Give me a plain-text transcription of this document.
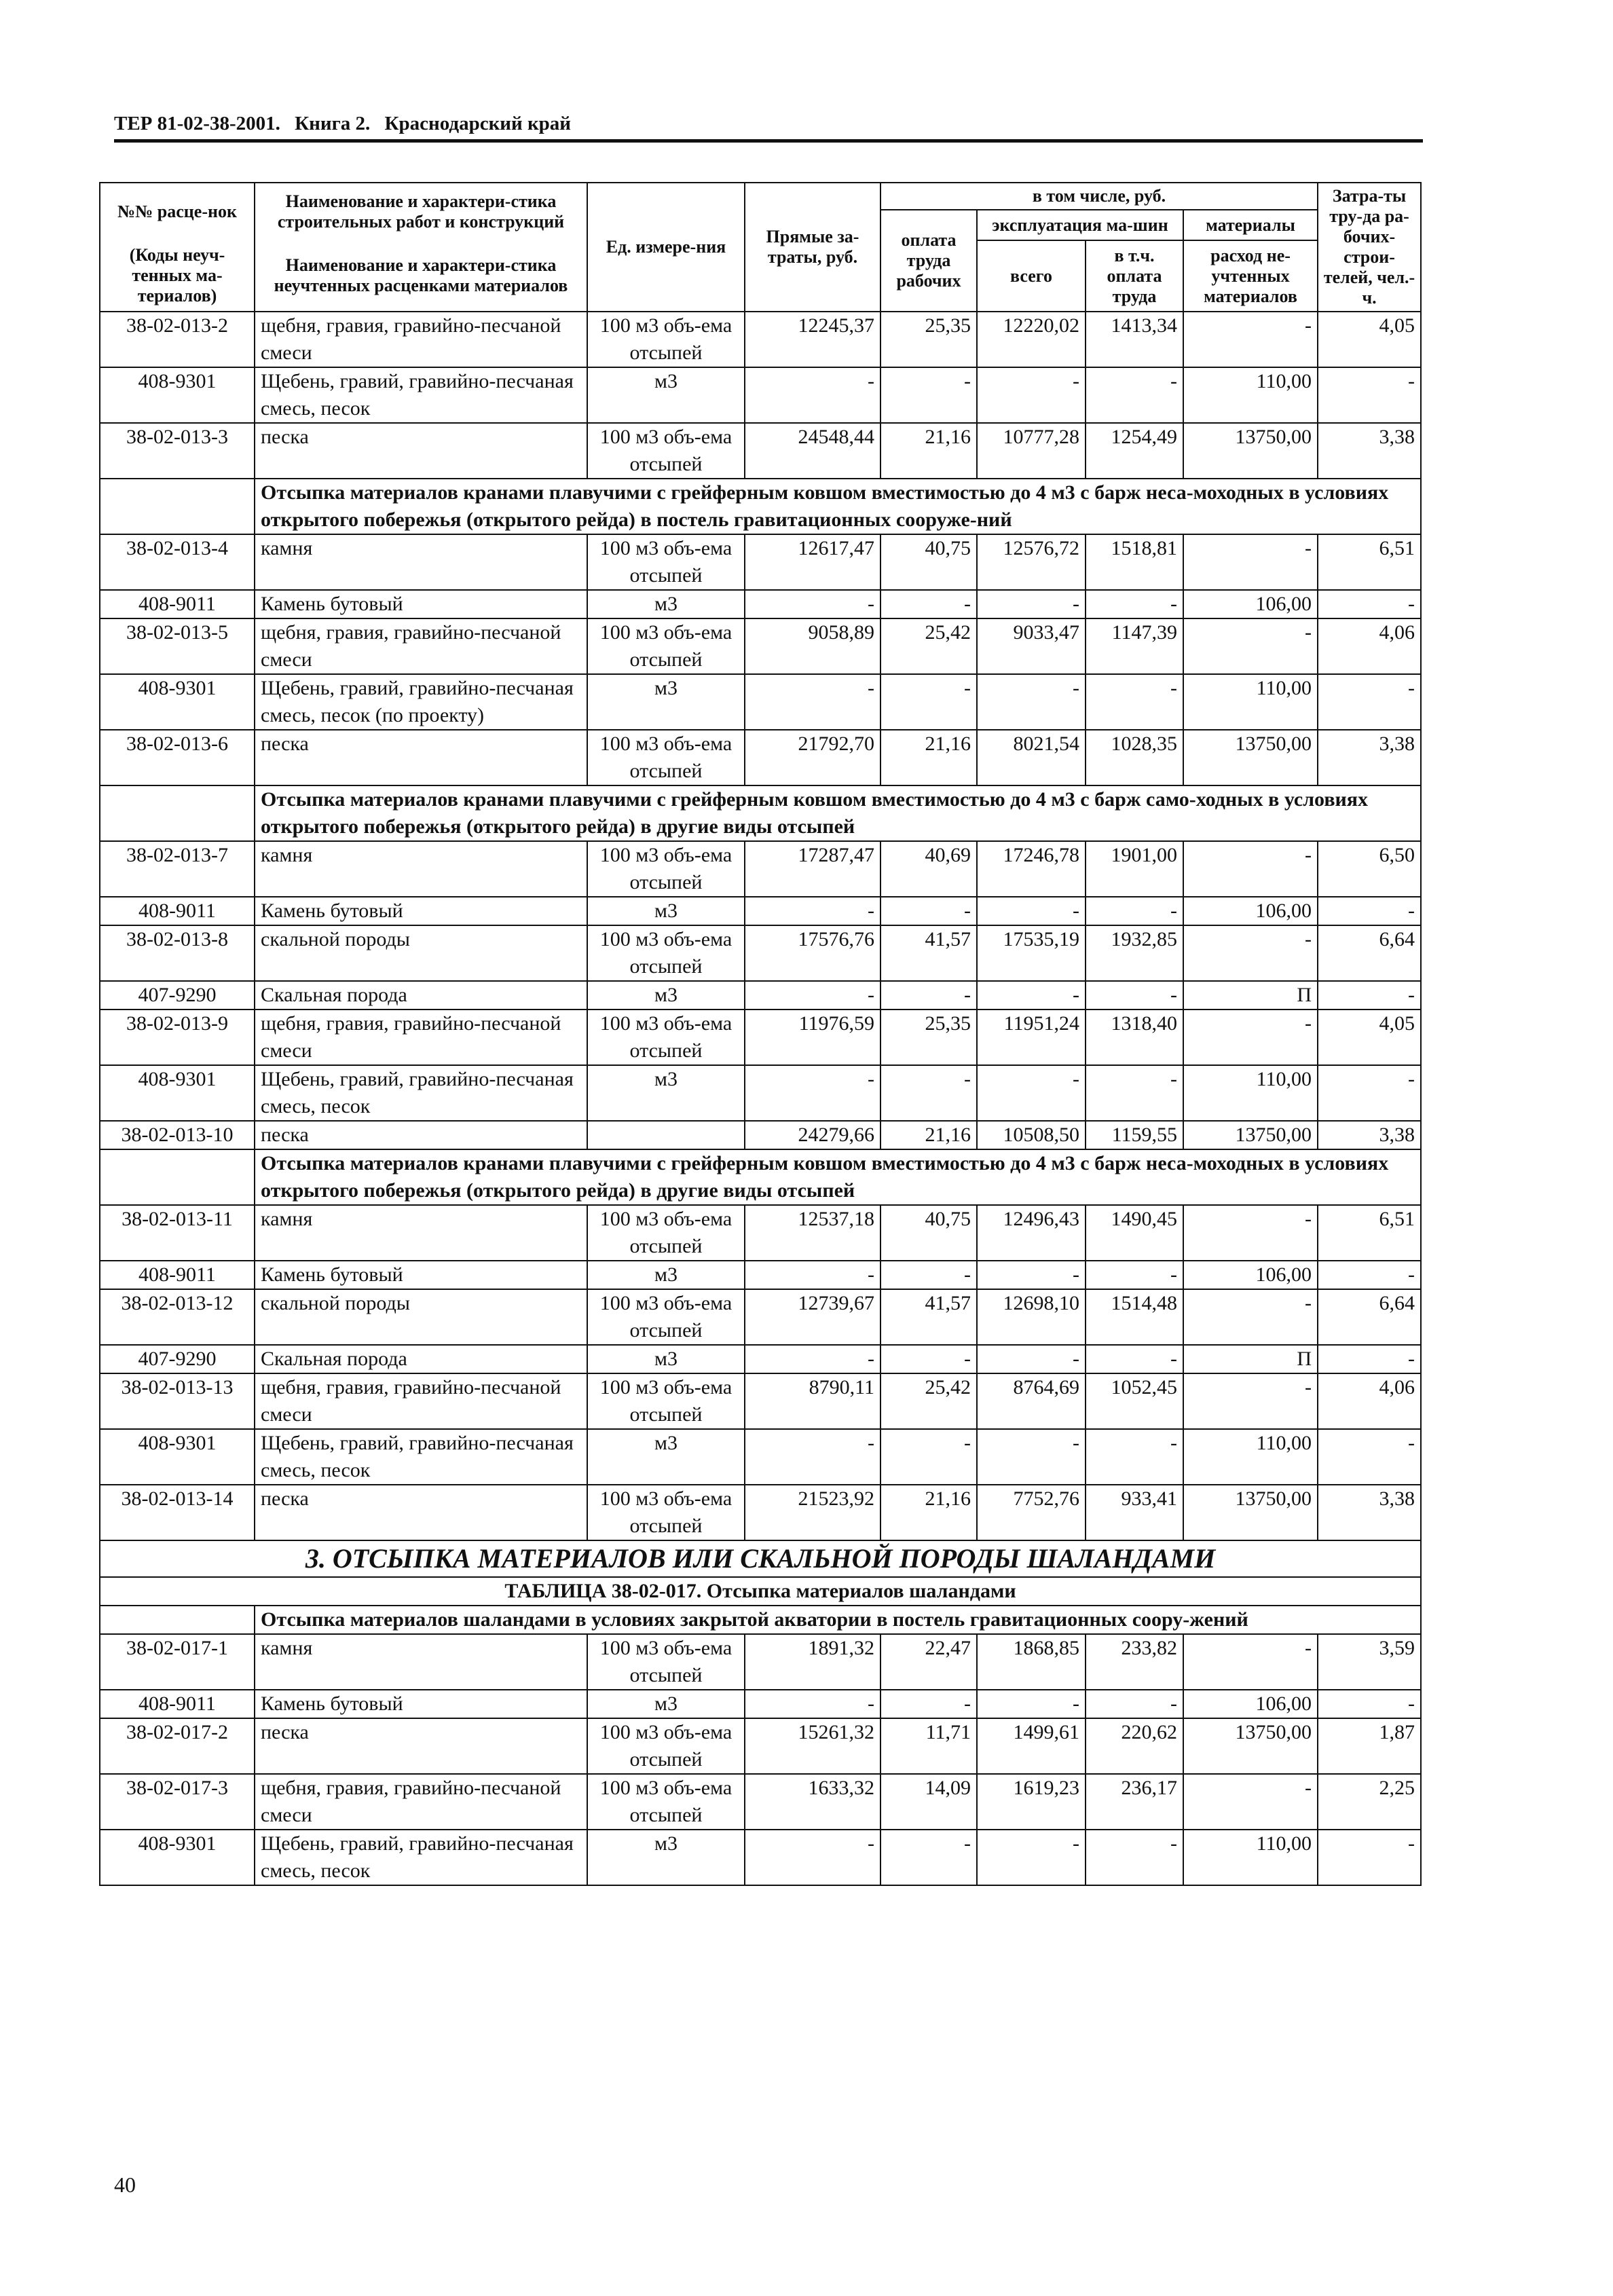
ТЕР 81-02-38-2001. Книга 2. Краснодарский край
№№ расце-нок	Наименование и характери-стика строительных работ и конструкций	Ед. измере-ния	Прямые за-траты, руб.	в том числе, руб.				Затра-ты тру-да ра-бочих-строи-телей, чел.-ч.
				оплата труда рабочих	эксплуатация ма-шин		материалы	
(Коды неуч-тенных ма-териалов)	Наименование и характери-стика неучтенных расценками материалов				всего	в т.ч. оплата труда	расход не-учтенных материалов	

38-02-013-2	щебня, гравия, гравийно-песчаной смеси	100 м3 объ-ема отсыпей	12245,37	25,35	12220,02	1413,34	-	4,05
408-9301	Щебень, гравий, гравийно-песчаная смесь, песок	м3	-	-	-	-	110,00	-
38-02-013-3	песка	100 м3 объ-ема отсыпей	24548,44	21,16	10777,28	1254,49	13750,00	3,38
	Отсыпка материалов кранами плавучими с грейферным ковшом вместимостью до 4 м3 с барж неса-моходных в условиях открытого побережья (открытого рейда) в постель гравитационных сооруже-ний							
38-02-013-4	камня	100 м3 объ-ема отсыпей	12617,47	40,75	12576,72	1518,81	-	6,51
408-9011	Камень бутовый	м3	-	-	-	-	106,00	-
38-02-013-5	щебня, гравия, гравийно-песчаной смеси	100 м3 объ-ема отсыпей	9058,89	25,42	9033,47	1147,39	-	4,06
408-9301	Щебень, гравий, гравийно-песчаная смесь, песок (по проекту)	м3	-	-	-	-	110,00	-
38-02-013-6	песка	100 м3 объ-ема отсыпей	21792,70	21,16	8021,54	1028,35	13750,00	3,38
	Отсыпка материалов кранами плавучими с грейферным ковшом вместимостью до 4 м3 с барж само-ходных в условиях открытого побережья (открытого рейда) в другие виды отсыпей							
38-02-013-7	камня	100 м3 объ-ема отсыпей	17287,47	40,69	17246,78	1901,00	-	6,50
408-9011	Камень бутовый	м3	-	-	-	-	106,00	-
38-02-013-8	скальной породы	100 м3 объ-ема отсыпей	17576,76	41,57	17535,19	1932,85	-	6,64
407-9290	Скальная порода	м3	-	-	-	-	П	-
38-02-013-9	щебня, гравия, гравийно-песчаной смеси	100 м3 объ-ема отсыпей	11976,59	25,35	11951,24	1318,40	-	4,05
408-9301	Щебень, гравий, гравийно-песчаная смесь, песок	м3	-	-	-	-	110,00	-
38-02-013-10	песка		24279,66	21,16	10508,50	1159,55	13750,00	3,38
	Отсыпка материалов кранами плавучими с грейферным ковшом вместимостью до 4 м3 с барж неса-моходных в условиях открытого побережья (открытого рейда) в другие виды отсыпей							
38-02-013-11	камня	100 м3 объ-ема отсыпей	12537,18	40,75	12496,43	1490,45	-	6,51
408-9011	Камень бутовый	м3	-	-	-	-	106,00	-
38-02-013-12	скальной породы	100 м3 объ-ема отсыпей	12739,67	41,57	12698,10	1514,48	-	6,64
407-9290	Скальная порода	м3	-	-	-	-	П	-
38-02-013-13	щебня, гравия, гравийно-песчаной смеси	100 м3 объ-ема отсыпей	8790,11	25,42	8764,69	1052,45	-	4,06
408-9301	Щебень, гравий, гравийно-песчаная смесь, песок	м3	-	-	-	-	110,00	-
38-02-013-14	песка	100 м3 объ-ема отсыпей	21523,92	21,16	7752,76	933,41	13750,00	3,38
3. ОТСЫПКА МАТЕРИАЛОВ ИЛИ СКАЛЬНОЙ ПОРОДЫ ШАЛАНДАМИ								
ТАБЛИЦА 38-02-017. Отсыпка материалов шаландами								
	Отсыпка материалов шаландами в условиях закрытой акватории в постель гравитационных соору-жений							
38-02-017-1	камня	100 м3 объ-ема отсыпей	1891,32	22,47	1868,85	233,82	-	3,59
408-9011	Камень бутовый	м3	-	-	-	-	106,00	-
38-02-017-2	песка	100 м3 объ-ема отсыпей	15261,32	11,71	1499,61	220,62	13750,00	1,87
38-02-017-3	щебня, гравия, гравийно-песчаной смеси	100 м3 объ-ема отсыпей	1633,32	14,09	1619,23	236,17	-	2,25
408-9301	Щебень, гравий, гравийно-песчаная смесь, песок	м3	-	-	-	-	110,00	-
40
